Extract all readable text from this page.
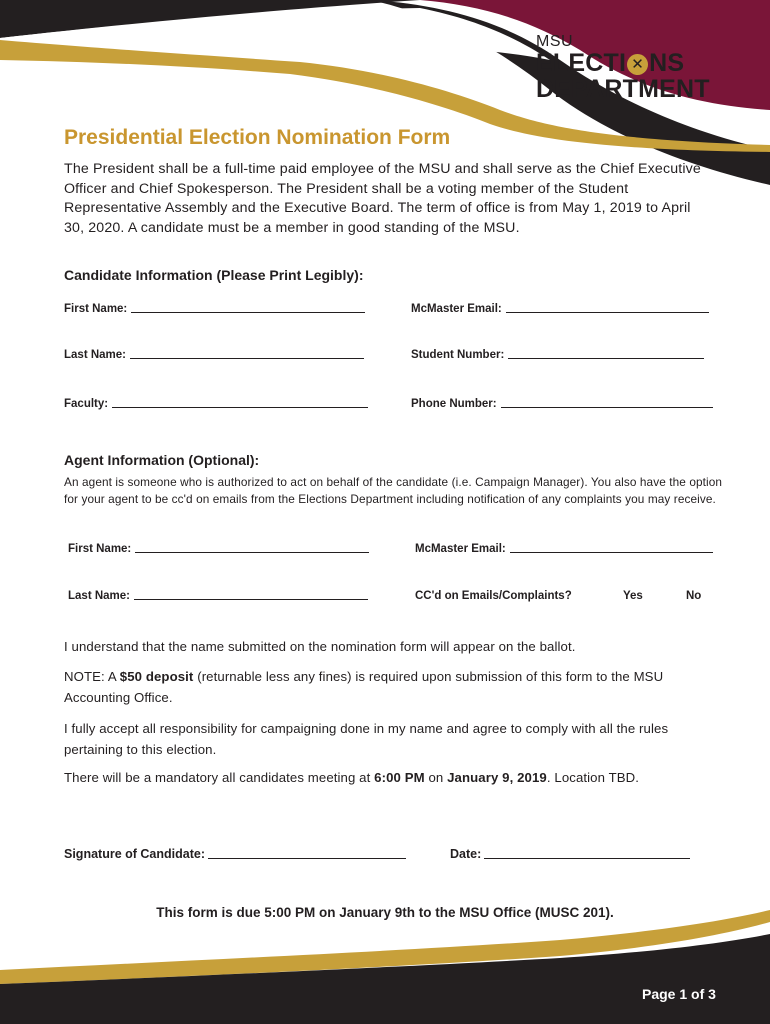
MSU
ELECTI ✕ NS
DEPARTMENT
Presidential Election Nomination Form

The President shall be a full-time paid employee of the MSU and shall serve as the Chief Executive Officer and Chief Spokesperson. The President shall be a voting member of the Student Representative Assembly and the Executive Board. The term of office is from May 1, 2019 to April 30, 2020. A candidate must be a member in good standing of the MSU.

Candidate Information (Please Print Legibly):
First Name:	McMaster Email:
Last Name:	Student Number:
Faculty:	Phone Number:
Agent Information (Optional):

An agent is someone who is authorized to act on behalf of the candidate (i.e. Campaign Manager). You also have the option for your agent to be cc'd on emails from the Elections Department including notification of any complaints you may receive.

First Name:	McMaster Email:
Last Name:	CC'd on Emails/Complaints?	Yes	No

I understand that the name submitted on the nomination form will appear on the ballot.

NOTE: A $50 deposit (returnable less any fines) is required upon submission of this form to the MSU Accounting Office.

I fully accept all responsibility for campaigning done in my name and agree to comply with all the rules pertaining to this election.

There will be a mandatory all candidates meeting at 6:00 PM on January 9, 2019. Location TBD.

Signature of Candidate:	Date:

This form is due 5:00 PM on January 9th to the MSU Office (MUSC 201).

Page 1 of 3
